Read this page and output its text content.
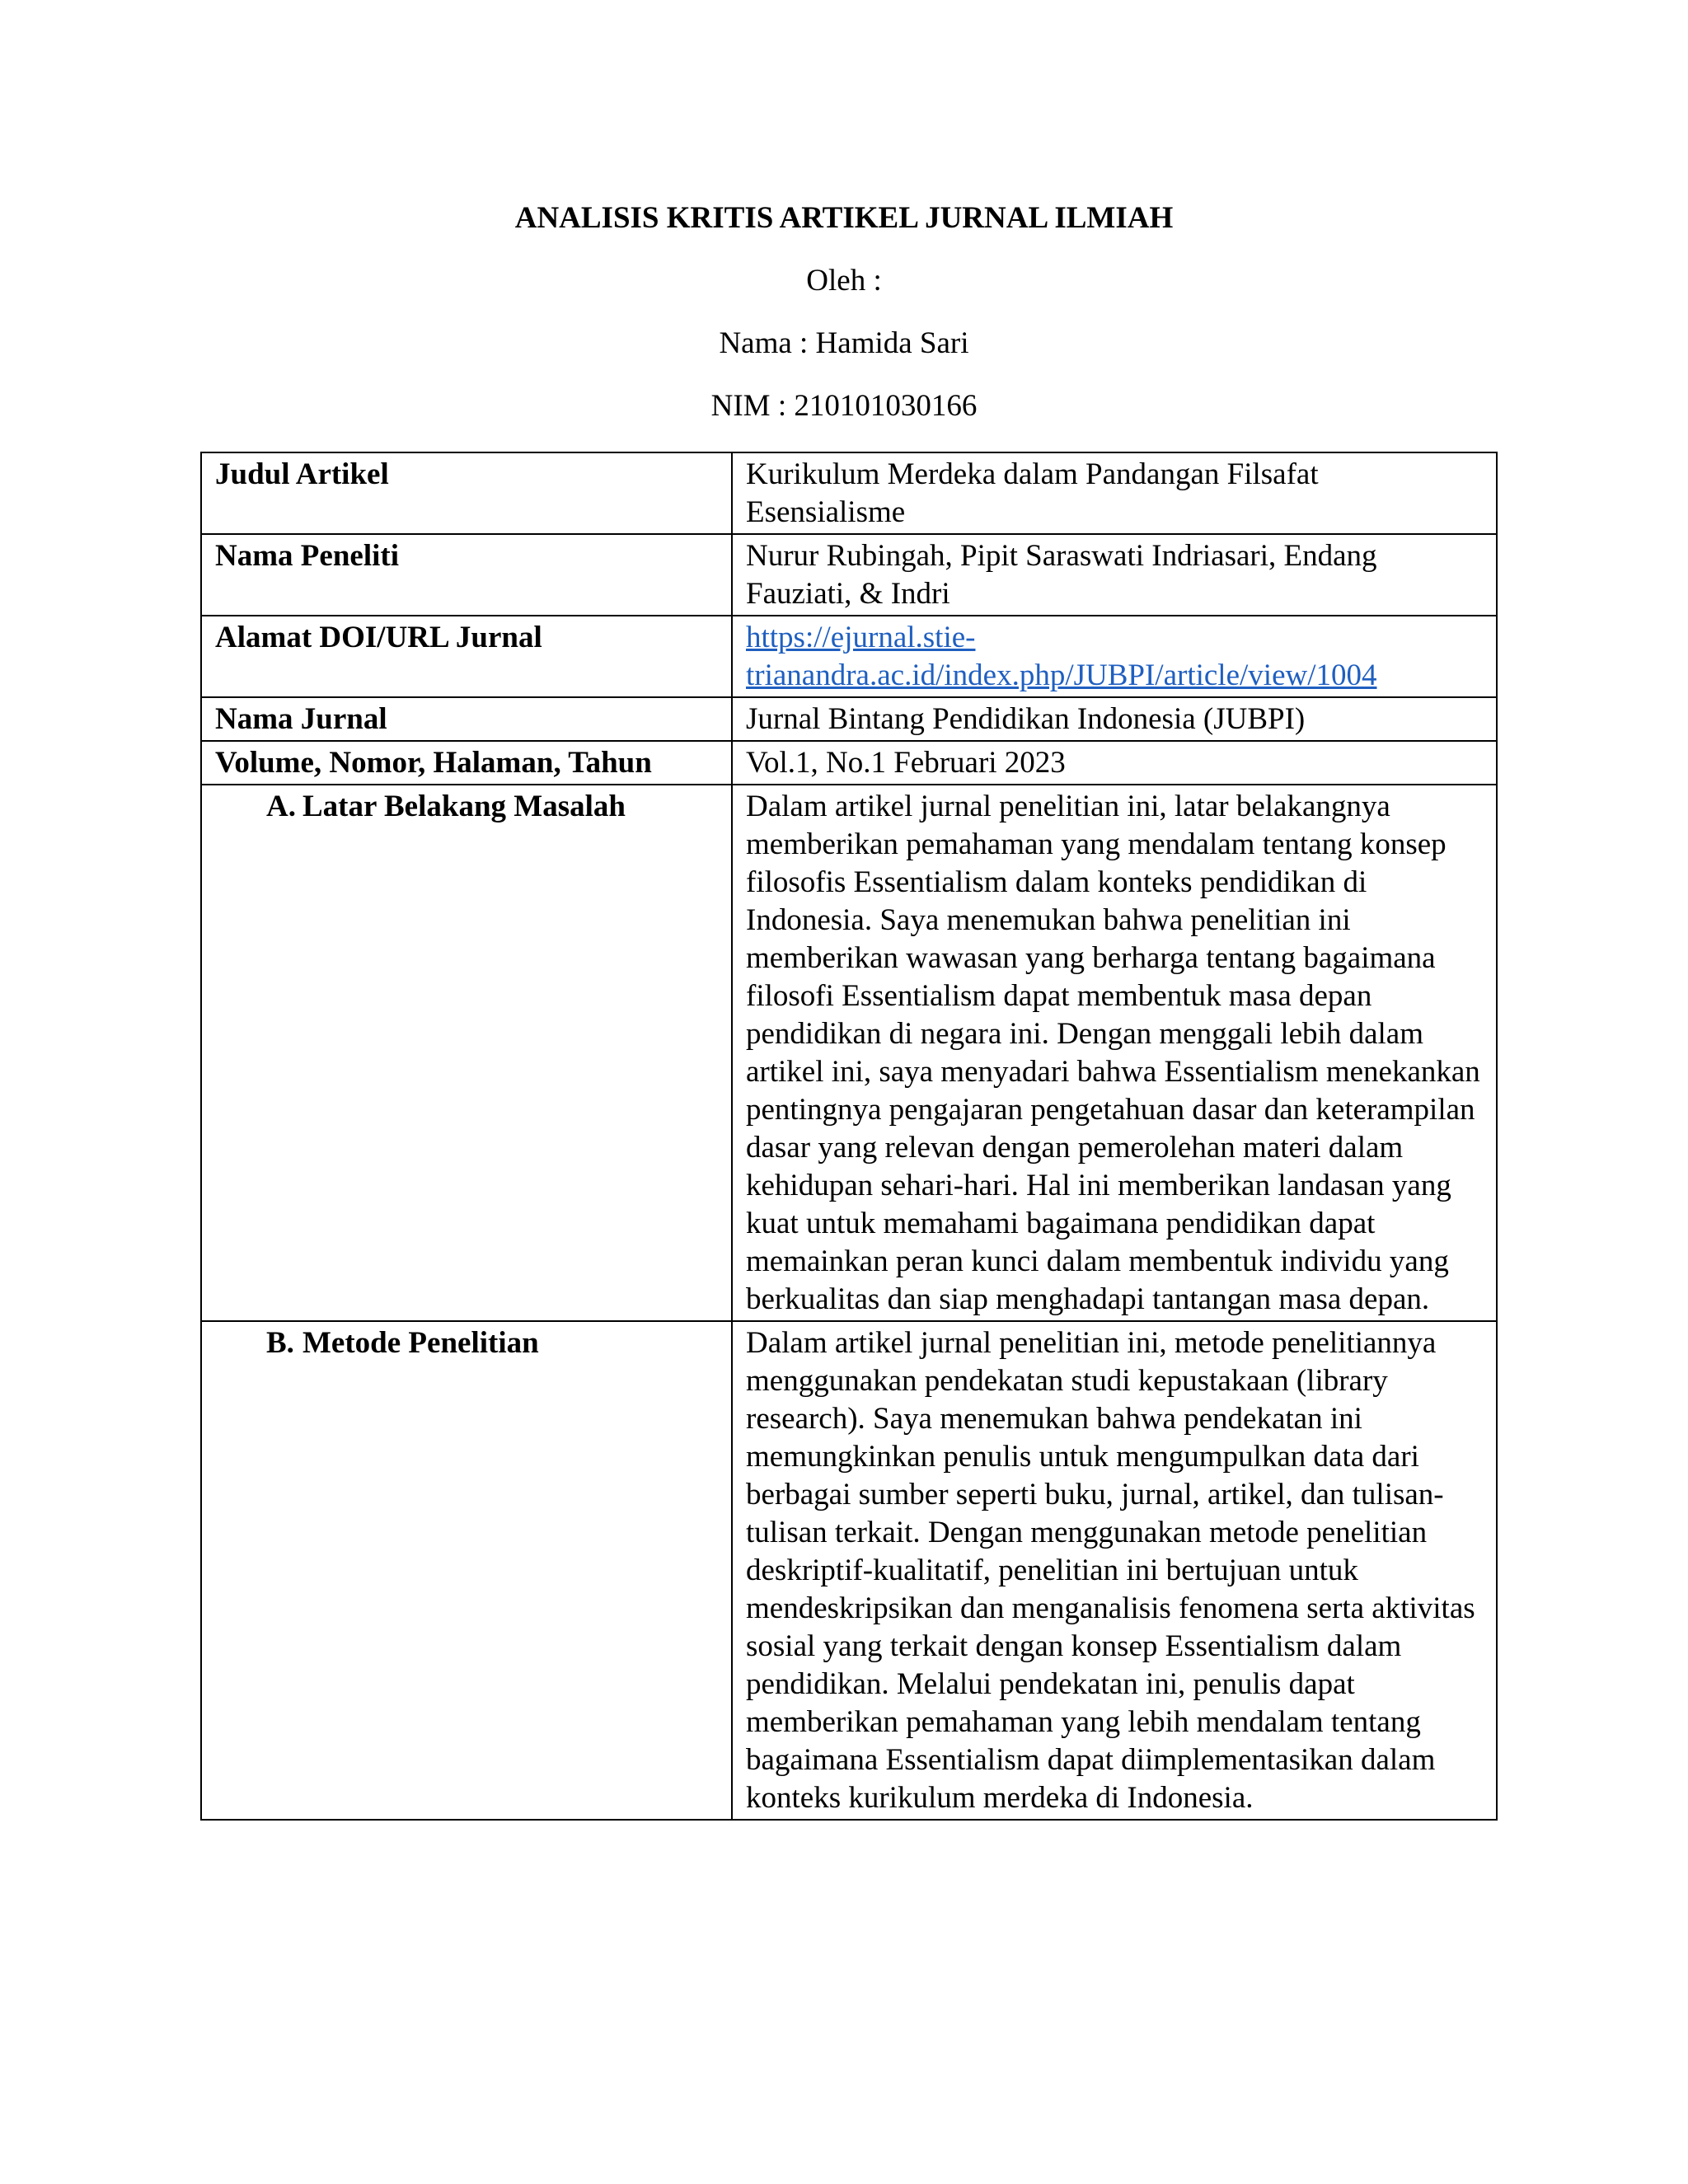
ANALISIS KRITIS ARTIKEL JURNAL ILMIAH
Oleh :
Nama : Hamida Sari
NIM : 210101030166
Judul Artikel	Kurikulum Merdeka dalam Pandangan Filsafat Esensialisme
Nama Peneliti	Nurur Rubingah, Pipit Saraswati Indriasari, Endang Fauziati, & Indri
Alamat DOI/URL Jurnal	https://ejurnal.stie-
trianandra.ac.id/index.php/JUBPI/article/view/1004
Nama Jurnal	Jurnal Bintang Pendidikan Indonesia (JUBPI)
Volume, Nomor, Halaman, Tahun	Vol.1, No.1 Februari 2023
A. Latar Belakang Masalah	Dalam artikel jurnal penelitian ini, latar belakangnya memberikan pemahaman yang mendalam tentang konsep filosofis Essentialism dalam konteks pendidikan di Indonesia. Saya menemukan bahwa penelitian ini memberikan wawasan yang berharga tentang bagaimana filosofi Essentialism dapat membentuk masa depan pendidikan di negara ini. Dengan menggali lebih dalam artikel ini, saya menyadari bahwa Essentialism menekankan pentingnya pengajaran pengetahuan dasar dan keterampilan dasar yang relevan dengan pemerolehan materi dalam kehidupan sehari-hari. Hal ini memberikan landasan yang kuat untuk memahami bagaimana pendidikan dapat memainkan peran kunci dalam membentuk individu yang berkualitas dan siap menghadapi tantangan masa depan.
B. Metode Penelitian	Dalam artikel jurnal penelitian ini, metode penelitiannya menggunakan pendekatan studi kepustakaan (library research). Saya menemukan bahwa pendekatan ini memungkinkan penulis untuk mengumpulkan data dari berbagai sumber seperti buku, jurnal, artikel, dan tulisan-tulisan terkait. Dengan menggunakan metode penelitian deskriptif-kualitatif, penelitian ini bertujuan untuk mendeskripsikan dan menganalisis fenomena serta aktivitas sosial yang terkait dengan konsep Essentialism dalam pendidikan. Melalui pendekatan ini, penulis dapat memberikan pemahaman yang lebih mendalam tentang bagaimana Essentialism dapat diimplementasikan dalam konteks kurikulum merdeka di Indonesia.
